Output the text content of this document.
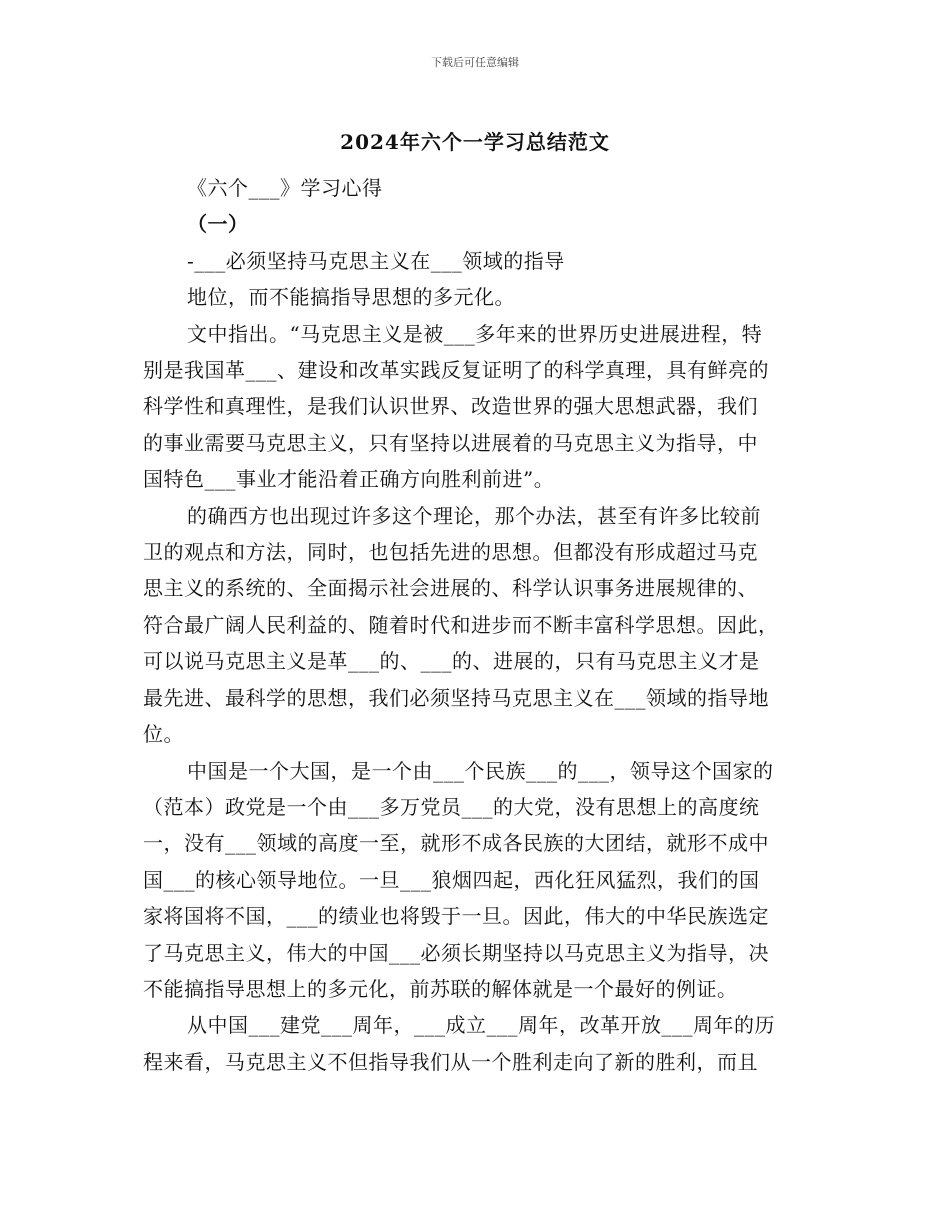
下载后可任意编辑
2024年六个一学习总结范文
《六个___》学习心得
（一）
-___必须坚持马克思主义在___领域的指导
地位，而不能搞指导思想的多元化。
文中指出。“马克思主义是被___多年来的世界历史进展进程，特
别是我国革___、建设和改革实践反复证明了的科学真理，具有鲜亮的
科学性和真理性，是我们认识世界、改造世界的强大思想武器，我们
的事业需要马克思主义，只有坚持以进展着的马克思主义为指导，中
国特色___事业才能沿着正确方向胜利前进”。
的确西方也出现过许多这个理论，那个办法，甚至有许多比较前
卫的观点和方法，同时，也包括先进的思想。但都没有形成超过马克
思主义的系统的、全面揭示社会进展的、科学认识事务进展规律的、
符合最广阔人民利益的、随着时代和进步而不断丰富科学思想。因此，
可以说马克思主义是革___的、___的、进展的，只有马克思主义才是
最先进、最科学的思想，我们必须坚持马克思主义在___领域的指导地
位。
中国是一个大国，是一个由___个民族___的___，领导这个国家的
（范本）政党是一个由___多万党员___的大党，没有思想上的高度统
一，没有___领域的高度一至，就形不成各民族的大团结，就形不成中
国___的核心领导地位。一旦___狼烟四起，西化狂风猛烈，我们的国
家将国将不国，___的绩业也将毁于一旦。因此，伟大的中华民族选定
了马克思主义，伟大的中国___必须长期坚持以马克思主义为指导，决
不能搞指导思想上的多元化，前苏联的解体就是一个最好的例证。
从中国___建党___周年，___成立___周年，改革开放___周年的历
程来看，马克思主义不但指导我们从一个胜利走向了新的胜利，而且
